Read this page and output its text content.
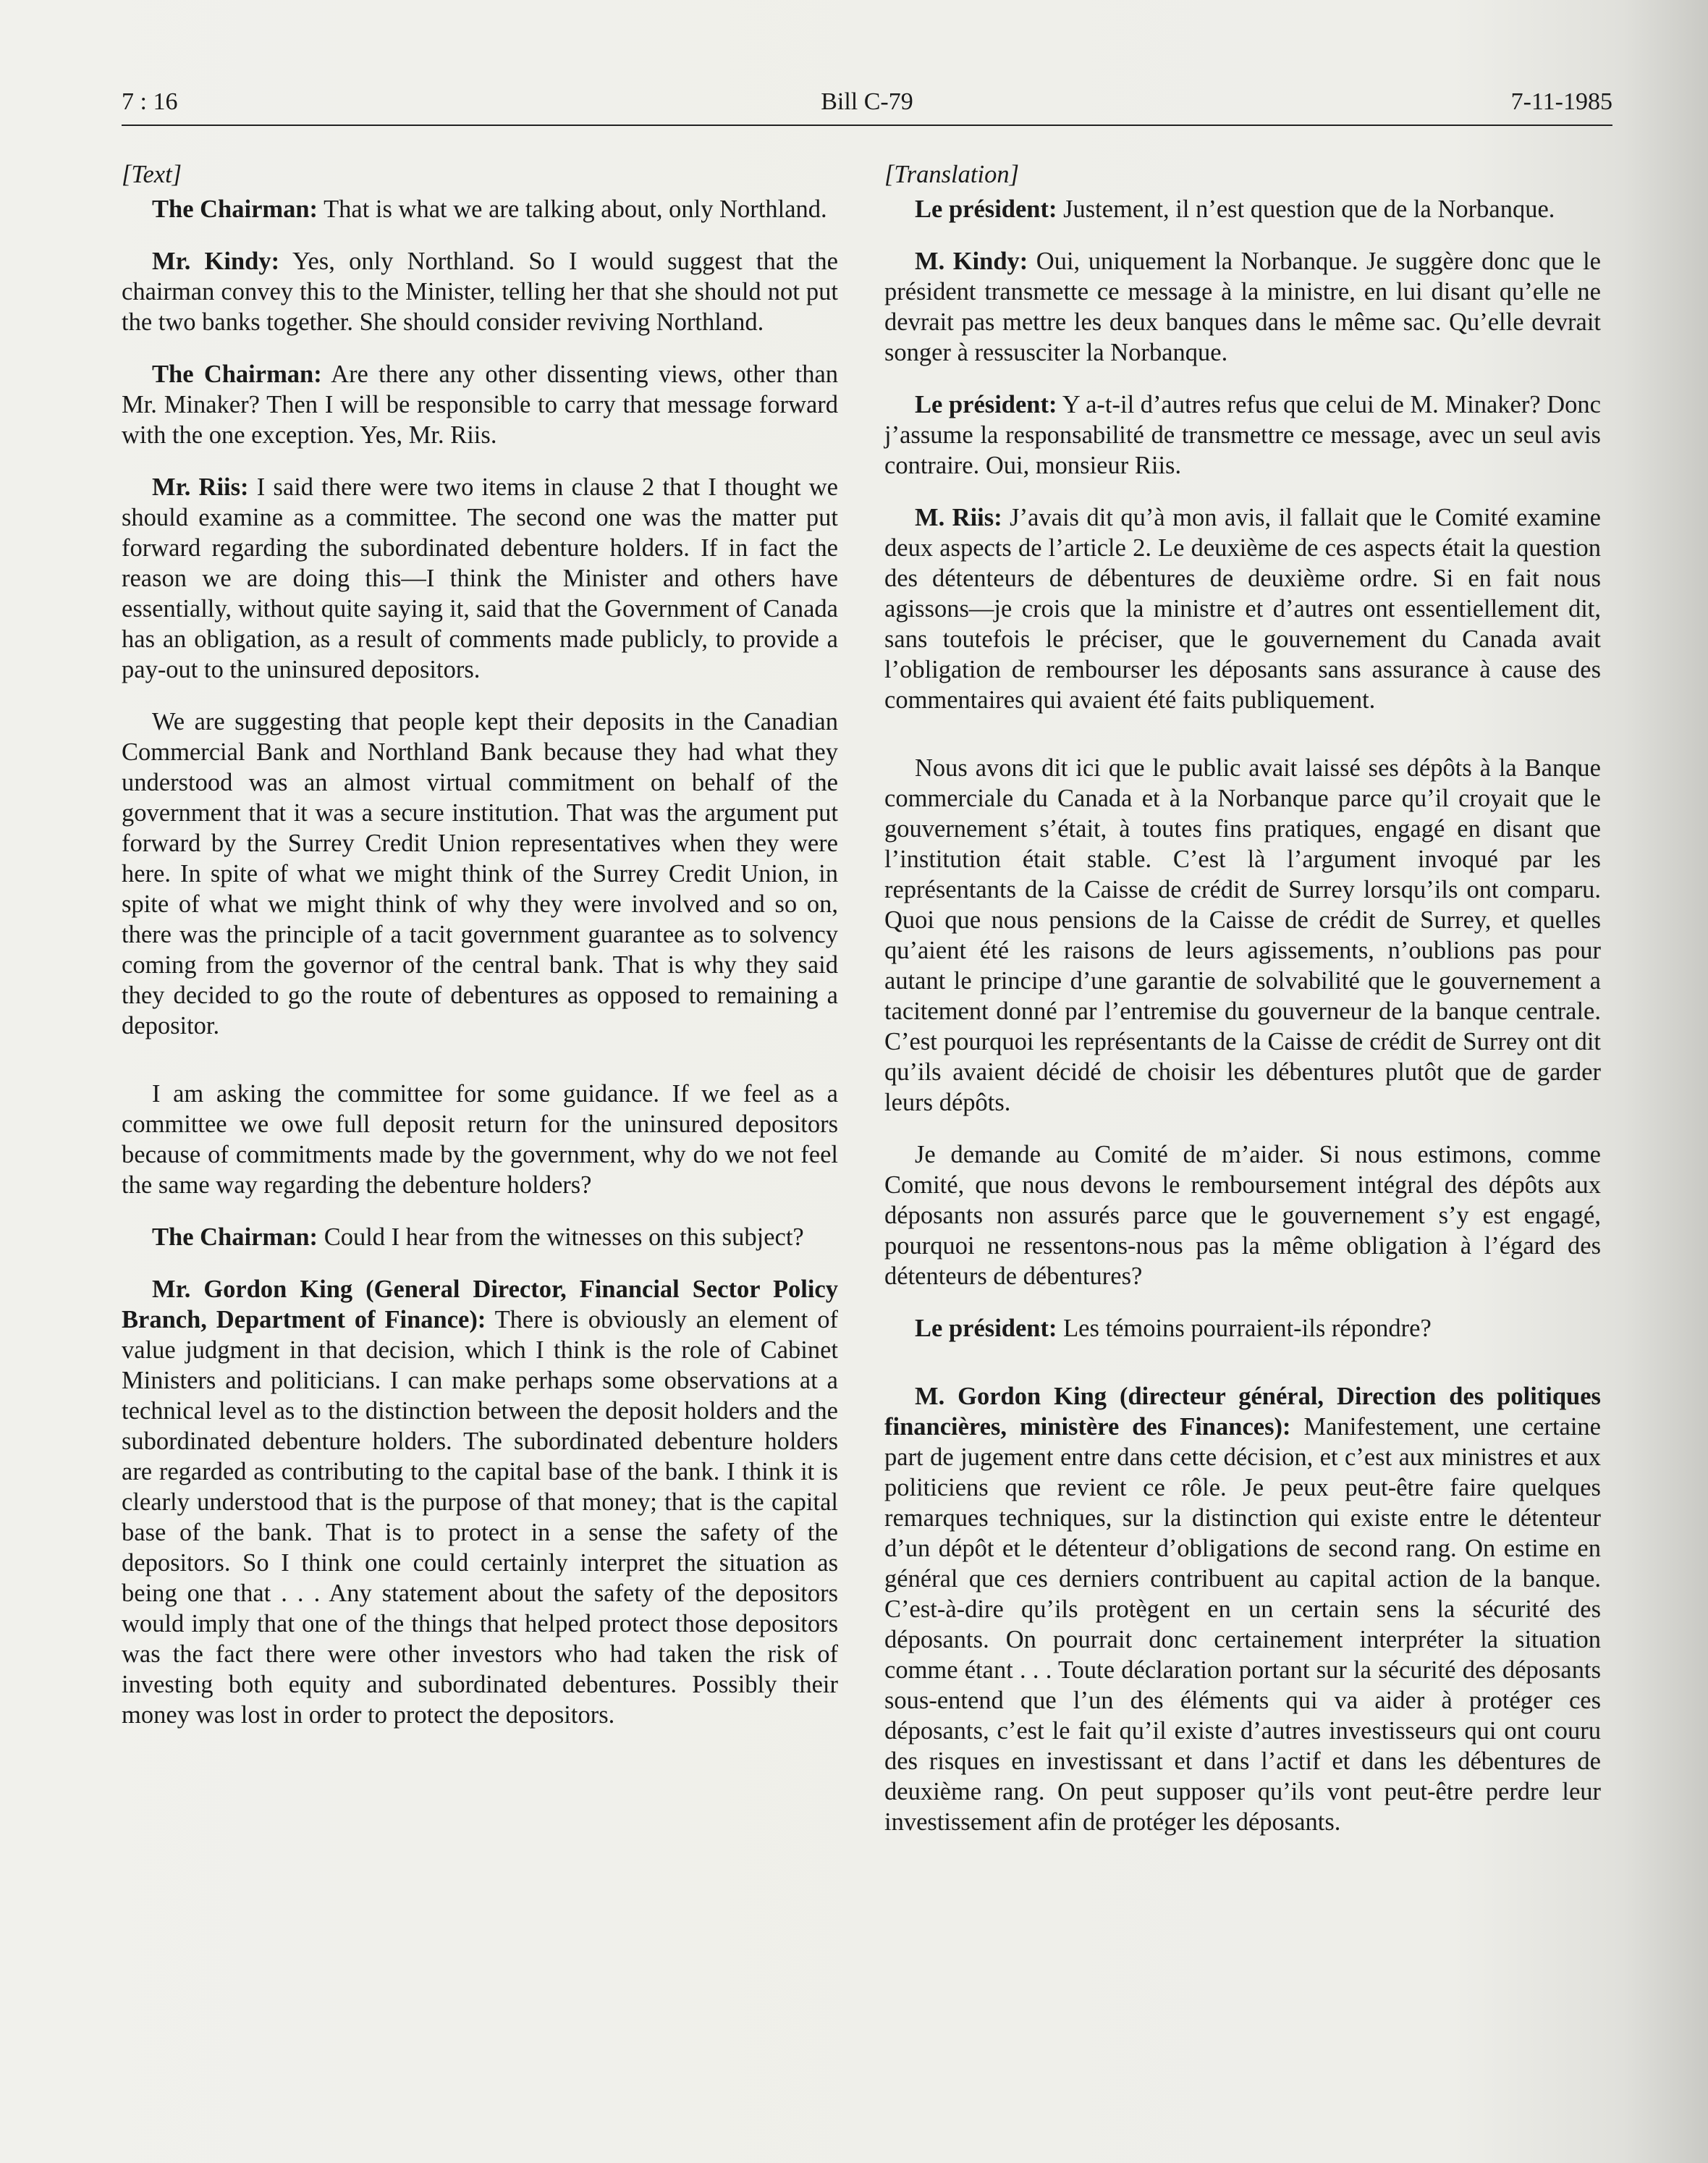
7 : 16	Bill C-79	7-11-1985
[Text]

The Chairman: That is what we are talking about, only Northland.

Mr. Kindy: Yes, only Northland. So I would suggest that the chairman convey this to the Minister, telling her that she should not put the two banks together. She should consider reviving Northland.

The Chairman: Are there any other dissenting views, other than Mr. Minaker? Then I will be responsible to carry that message forward with the one exception. Yes, Mr. Riis.

Mr. Riis: I said there were two items in clause 2 that I thought we should examine as a committee. The second one was the matter put forward regarding the subordinated debenture holders. If in fact the reason we are doing this—I think the Minister and others have essentially, without quite saying it, said that the Government of Canada has an obligation, as a result of comments made publicly, to provide a pay-out to the uninsured depositors.

We are suggesting that people kept their deposits in the Canadian Commercial Bank and Northland Bank because they had what they understood was an almost virtual commitment on behalf of the government that it was a secure institution. That was the argument put forward by the Surrey Credit Union representatives when they were here. In spite of what we might think of the Surrey Credit Union, in spite of what we might think of why they were involved and so on, there was the principle of a tacit government guarantee as to solvency coming from the governor of the central bank. That is why they said they decided to go the route of debentures as opposed to remaining a depositor.

I am asking the committee for some guidance. If we feel as a committee we owe full deposit return for the uninsured depositors because of commitments made by the government, why do we not feel the same way regarding the debenture holders?

The Chairman: Could I hear from the witnesses on this subject?

Mr. Gordon King (General Director, Financial Sector Policy Branch, Department of Finance): There is obviously an element of value judgment in that decision, which I think is the role of Cabinet Ministers and politicians. I can make perhaps some observations at a technical level as to the distinction between the deposit holders and the subordinated debenture holders. The subordinated debenture holders are regarded as contributing to the capital base of the bank. I think it is clearly understood that is the purpose of that money; that is the capital base of the bank. That is to protect in a sense the safety of the depositors. So I think one could certainly interpret the situation as being one that . . . Any statement about the safety of the depositors would imply that one of the things that helped protect those depositors was the fact there were other investors who had taken the risk of investing both equity and subordinated debentures. Possibly their money was lost in order to protect the depositors.

[Translation]

Le président: Justement, il n’est question que de la Norbanque.

M. Kindy: Oui, uniquement la Norbanque. Je suggère donc que le président transmette ce message à la ministre, en lui disant qu’elle ne devrait pas mettre les deux banques dans le même sac. Qu’elle devrait songer à ressusciter la Norbanque.

Le président: Y a-t-il d’autres refus que celui de M. Minaker? Donc j’assume la responsabilité de transmettre ce message, avec un seul avis contraire. Oui, monsieur Riis.

M. Riis: J’avais dit qu’à mon avis, il fallait que le Comité examine deux aspects de l’article 2. Le deuxième de ces aspects était la question des détenteurs de débentures de deuxième ordre. Si en fait nous agissons—je crois que la ministre et d’autres ont essentiellement dit, sans toutefois le préciser, que le gouvernement du Canada avait l’obligation de rembourser les déposants sans assurance à cause des commentaires qui avaient été faits publiquement.

Nous avons dit ici que le public avait laissé ses dépôts à la Banque commerciale du Canada et à la Norbanque parce qu’il croyait que le gouvernement s’était, à toutes fins pratiques, engagé en disant que l’institution était stable. C’est là l’argument invoqué par les représentants de la Caisse de crédit de Surrey lorsqu’ils ont comparu. Quoi que nous pensions de la Caisse de crédit de Surrey, et quelles qu’aient été les raisons de leurs agissements, n’oublions pas pour autant le principe d’une garantie de solvabilité que le gouvernement a tacitement donné par l’entremise du gouverneur de la banque centrale. C’est pourquoi les représentants de la Caisse de crédit de Surrey ont dit qu’ils avaient décidé de choisir les débentures plutôt que de garder leurs dépôts.

Je demande au Comité de m’aider. Si nous estimons, comme Comité, que nous devons le remboursement intégral des dépôts aux déposants non assurés parce que le gouvernement s’y est engagé, pourquoi ne ressentons-nous pas la même obligation à l’égard des détenteurs de débentures?

Le président: Les témoins pourraient-ils répondre?

M. Gordon King (directeur général, Direction des politiques financières, ministère des Finances): Manifestement, une certaine part de jugement entre dans cette décision, et c’est aux ministres et aux politiciens que revient ce rôle. Je peux peut-être faire quelques remarques techniques, sur la distinction qui existe entre le détenteur d’un dépôt et le détenteur d’obligations de second rang. On estime en général que ces derniers contribuent au capital action de la banque. C’est-à-dire qu’ils protègent en un certain sens la sécurité des déposants. On pourrait donc certainement interpréter la situation comme étant . . . Toute déclaration portant sur la sécurité des déposants sous-entend que l’un des éléments qui va aider à protéger ces déposants, c’est le fait qu’il existe d’autres investisseurs qui ont couru des risques en investissant et dans l’actif et dans les débentures de deuxième rang. On peut supposer qu’ils vont peut-être perdre leur investissement afin de protéger les déposants.
